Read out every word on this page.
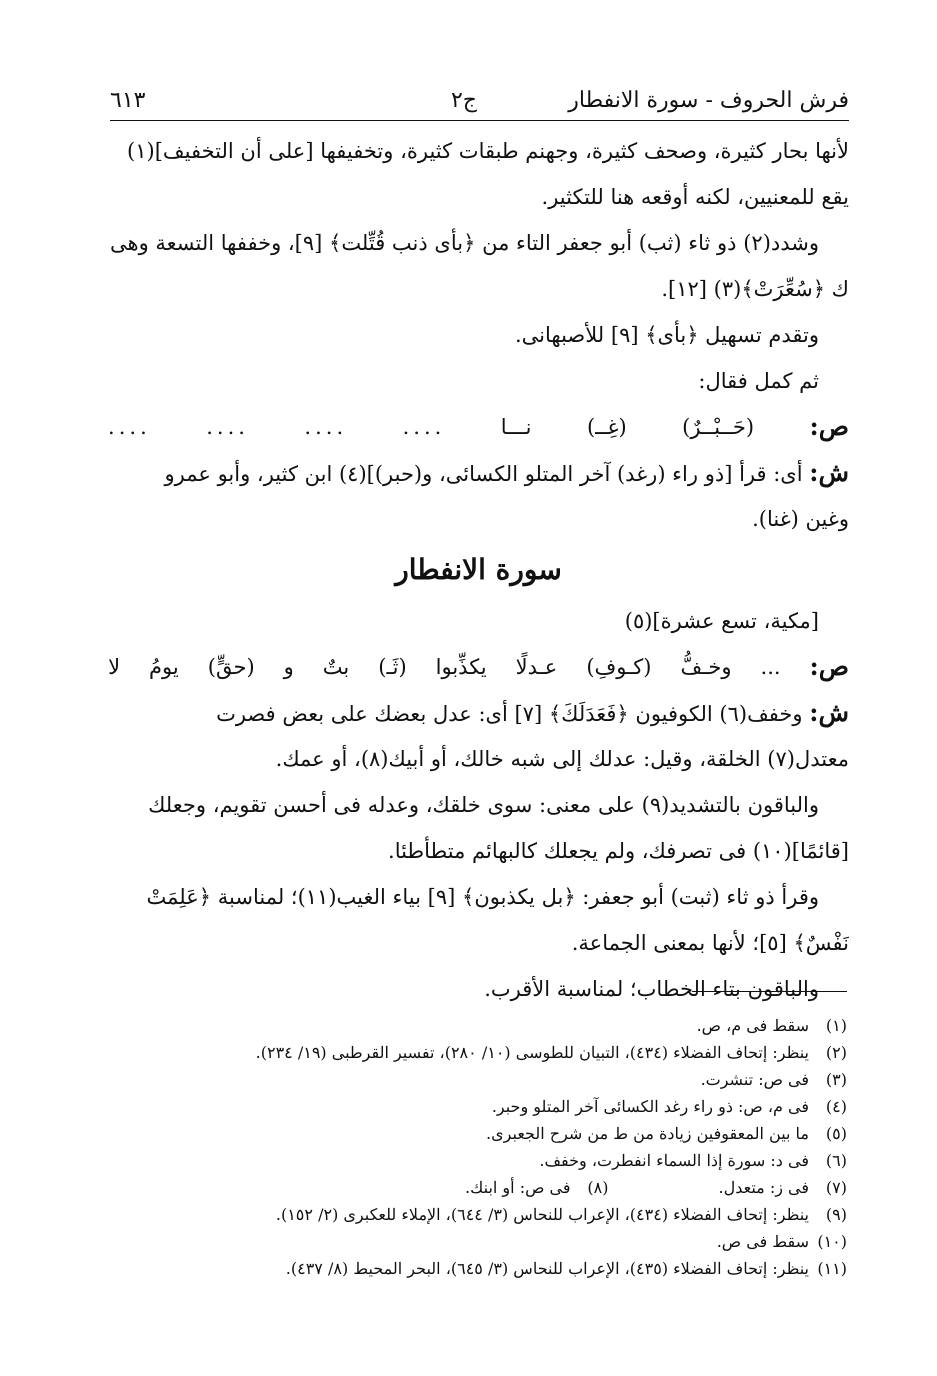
فرش الحروف - سورة الانفطار
ج٢
٦١٣
لأنها بحار كثيرة، وصحف كثيرة، وجهنم طبقات كثيرة، وتخفيفها [على أن التخفيف](١)
يقع للمعنيين، لكنه أوقعه هنا للتكثير.
وشدد(٢) ذو ثاء (ثب) أبو جعفر التاء من ﴿بأى ذنب قُتِّلت﴾ [٩]، وخففها التسعة وهى
ك ﴿سُعِّرَتْ﴾(٣) [١٢].
وتقدم تسهيل ﴿بأى﴾ [٩] للأصبهانى.
ثم كمل فقال:
ص:
(حَــبْــرٌ)
(غِــ)
نـــا
....
....
....
....
ش: أى: قرأ [ذو راء (رغد) آخر المتلو الكسائى، و(حبر)](٤) ابن كثير، وأبو عمرو
وغين (غنا).
سورة الانفطار
[مكية، تسع عشرة](٥)
ص:
...
وخـفُّ
(كـوفِ)
عـدلًا
يكذِّبوا
(ثَـ)
بتٌ
و
(حقٍّ)
يومُ
لا
ش: وخفف(٦) الكوفيون ﴿فَعَدَلَكَ﴾ [٧] أى: عدل بعضك على بعض فصرت
معتدل(٧) الخلقة، وقيل: عدلك إلى شبه خالك، أو أبيك(٨)، أو عمك.
والباقون بالتشديد(٩) على معنى: سوى خلقك، وعدله فى أحسن تقويم، وجعلك
[قائمًا](١٠) فى تصرفك، ولم يجعلك كالبهائم متطأطئا.
وقرأ ذو ثاء (ثبت) أبو جعفر: ﴿بل يكذبون﴾ [٩] بياء الغيب(١١)؛ لمناسبة ﴿عَلِمَتْ
نَفْسٌ﴾ [٥]؛ لأنها بمعنى الجماعة.
والباقون بتاء الخطاب؛ لمناسبة الأقرب.
(١)
سقط فى م، ص.
(٢)
ينظر: إتحاف الفضلاء (٤٣٤)، التبيان للطوسى (١٠/ ٢٨٠)، تفسير القرطبى (١٩/ ٢٣٤).
(٣)
فى ص: تنشرت.
(٤)
فى م، ص: ذو راء رغد الكسائى آخر المتلو وحبر.
(٥)
ما بين المعقوفين زيادة من ط من شرح الجعبرى.
(٦)
فى د: سورة إذا السماء انفطرت، وخفف.
(٧)
فى ز: متعدل.
(٨)
فى ص: أو ابنك.
(٩)
ينظر: إتحاف الفضلاء (٤٣٤)، الإعراب للنحاس (٣/ ٦٤٤)، الإملاء للعكبرى (٢/ ١٥٢).
(١٠)
سقط فى ص.
(١١)
ينظر: إتحاف الفضلاء (٤٣٥)، الإعراب للنحاس (٣/ ٦٤٥)، البحر المحيط (٨/ ٤٣٧).
